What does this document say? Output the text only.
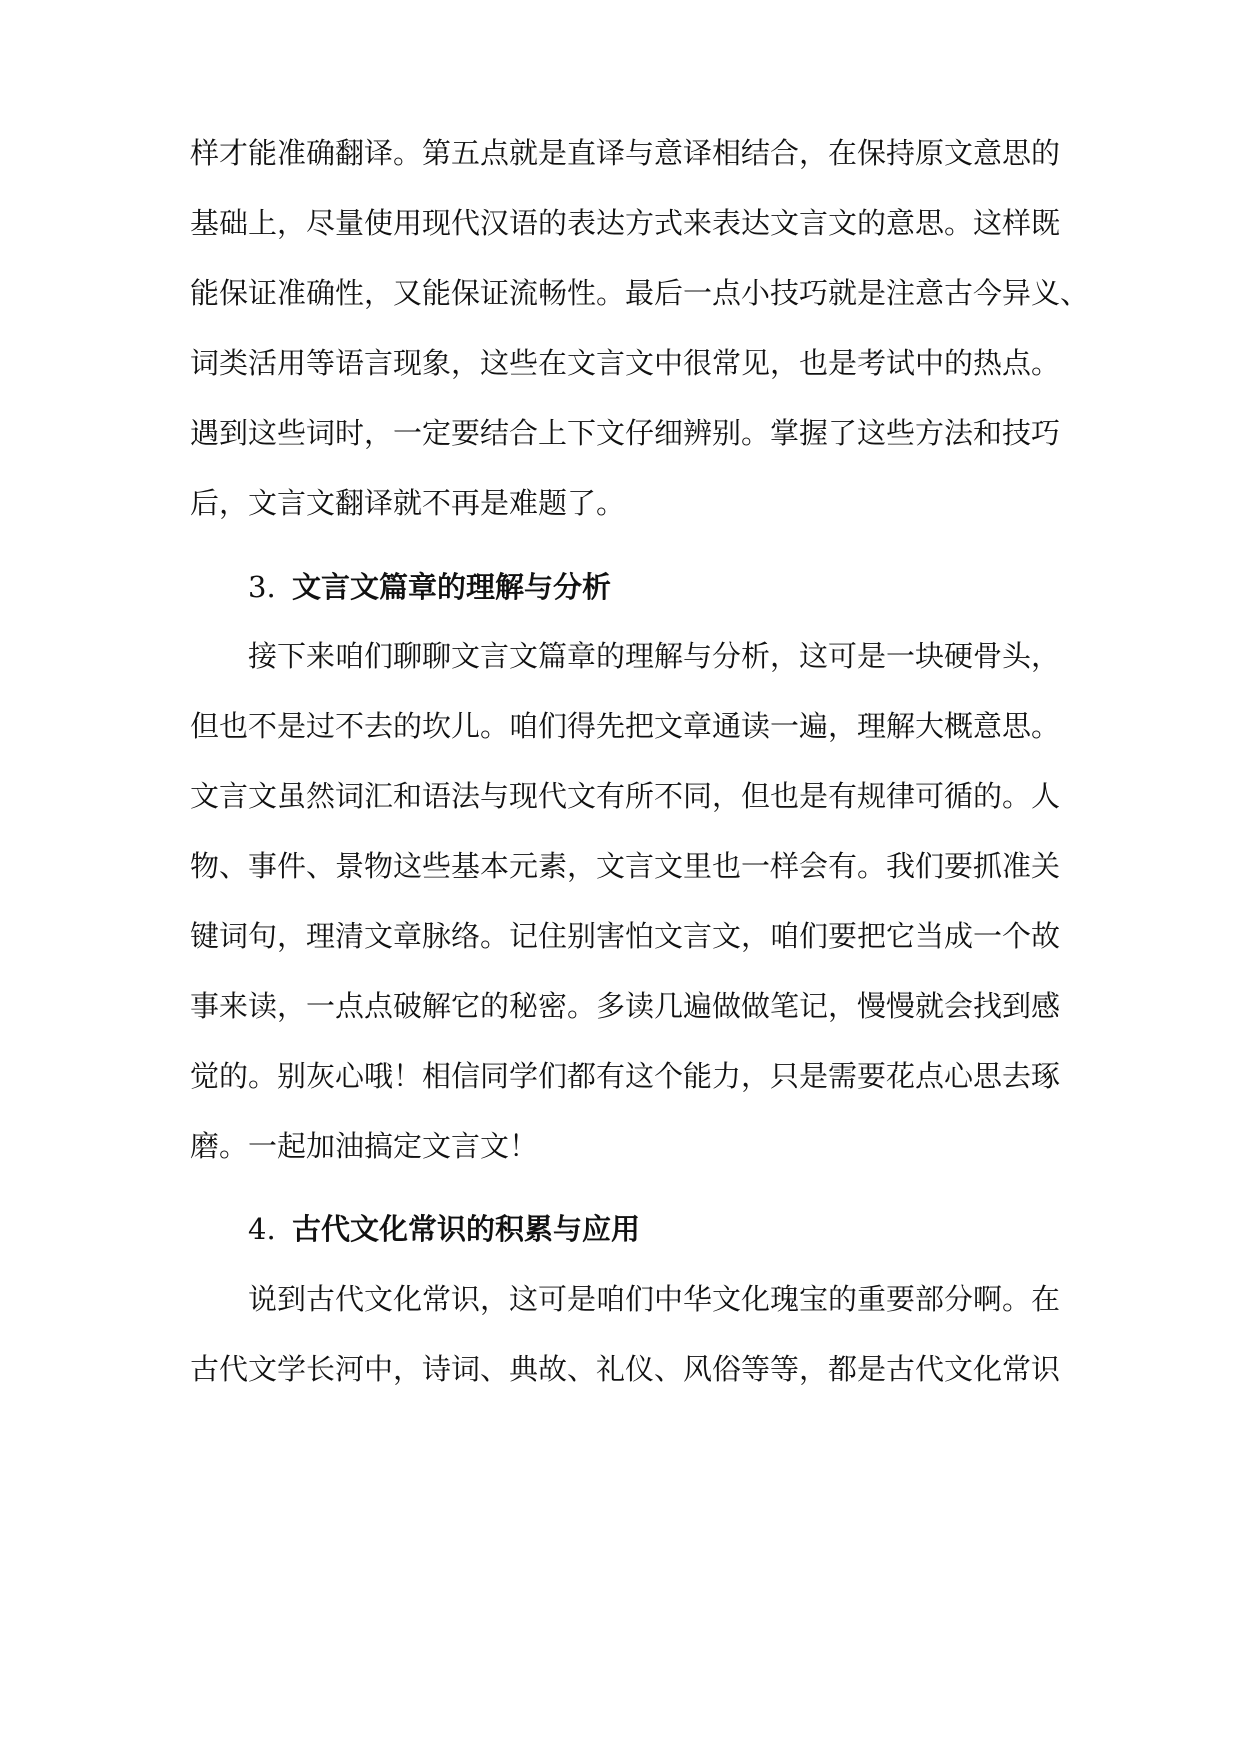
样才能准确翻译。第五点就是直译与意译相结合，在保持原文意思的
基础上，尽量使用现代汉语的表达方式来表达文言文的意思。这样既
能保证准确性，又能保证流畅性。最后一点小技巧就是注意古今异义、
词类活用等语言现象，这些在文言文中很常见，也是考试中的热点。
遇到这些词时，一定要结合上下文仔细辨别。掌握了这些方法和技巧
后，文言文翻译就不再是难题了。
3. 文言文篇章的理解与分析
接下来咱们聊聊文言文篇章的理解与分析，这可是一块硬骨头，
但也不是过不去的坎儿。咱们得先把文章通读一遍，理解大概意思。
文言文虽然词汇和语法与现代文有所不同，但也是有规律可循的。人
物、事件、景物这些基本元素，文言文里也一样会有。我们要抓准关
键词句，理清文章脉络。记住别害怕文言文，咱们要把它当成一个故
事来读，一点点破解它的秘密。多读几遍做做笔记，慢慢就会找到感
觉的。别灰心哦！相信同学们都有这个能力，只是需要花点心思去琢
磨。一起加油搞定文言文！
4. 古代文化常识的积累与应用
说到古代文化常识，这可是咱们中华文化瑰宝的重要部分啊。在
古代文学长河中，诗词、典故、礼仪、风俗等等，都是古代文化常识
